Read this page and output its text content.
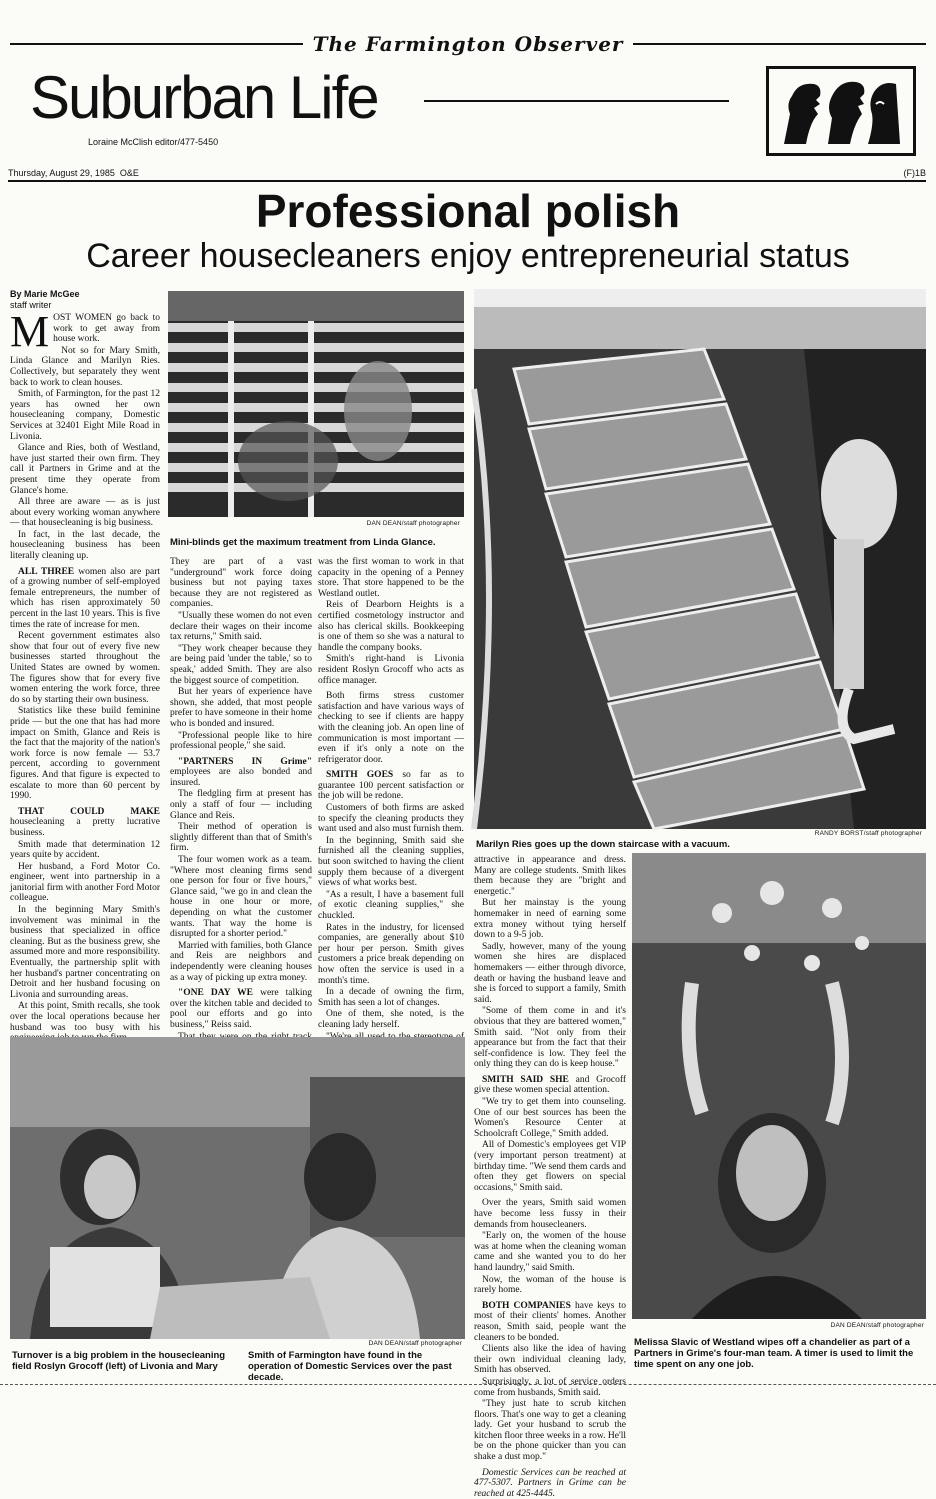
The Farmington Observer
Suburban Life
Loraine McClish editor/477-5450
Thursday, August 29, 1985 O&E	(F)1B
Professional polish
Career housecleaners enjoy entrepreneurial status
By Marie McGee
staff writer

MOST WOMEN go back to work to get away from house work.

Not so for Mary Smith, Linda Glance and Marilyn Ries. Collectively, but separately they went back to work to clean houses.

Smith, of Farmington, for the past 12 years has owned her own housecleaning company, Domestic Services at 32401 Eight Mile Road in Livonia.

Glance and Ries, both of Westland, have just started their own firm. They call it Partners in Grime and at the present time they operate from Glance's home.

All three are aware — as is just about every working woman anywhere — that housecleaning is big business.

In fact, in the last decade, the housecleaning business has been literally cleaning up.

ALL THREE women also are part of a growing number of self-employed female entrepreneurs, the number of which has risen approximately 50 percent in the last 10 years. This is five times the rate of increase for men.

Recent government estimates also show that four out of every five new businesses started throughout the United States are owned by women. The figures show that for every five women entering the work force, three do so by starting their own business.

Statistics like these build feminine pride — but the one that has had more impact on Smith, Glance and Reis is the fact that the majority of the nation's work force is now female — 53.7 percent, according to government figures. And that figure is expected to escalate to more than 60 percent by 1990.

THAT COULD MAKE housecleaning a pretty lucrative business.

Smith made that determination 12 years quite by accident.

Her husband, a Ford Motor Co. engineer, went into partnership in a janitorial firm with another Ford Motor colleague.

In the beginning Mary Smith's involvement was minimal in the business that specialized in office cleaning. But as the business grew, she assumed more and more responsibility. Eventually, the partnership split with her husband's partner concentrating on Detroit and her husband focusing on Livonia and surrounding areas.

At this point, Smith recalls, she took over the local operations because her husband was too busy with his

DAN DEAN/staff photographer
Mini-blinds get the maximum treatment from Linda Glance.

They are part of a vast "underground" work force doing business but not paying taxes because they are not registered as companies.

"Usually these women do not even declare their wages on their income tax returns," Smith said.

"They work cheaper because they are being paid 'under the table,' so to speak,' added Smith. They are also the biggest source of competition.

But her years of experience have shown, she added, that most people prefer to have someone in their home who is bonded and insured.

"Professional people like to hire professional people," she said.

"PARTNERS IN Grime" employees are also bonded and insured.

The fledgling firm at present has only a staff of four — including Glance and Reis.

Their method of operation is slightly different than that of Smith's firm.

The four women work as a team. "Where most cleaning firms send one person for four or five hours," Glance said, "we go in and clean the house in one hour or more, depending on what the customer wants. That way the home is disrupted for a shorter period."

Married with families, both Glance and Reis are neighbors and independently were cleaning houses as a way of picking up extra money.

"ONE DAY WE were talking over the kitchen table and decided to pool our efforts and go into business," Reiss said.

was the first woman to work in that capacity in the opening of a Penney store. That store happened to be the Westland outlet.

Reis of Dearborn Heights is a certified cosmetology instructor and also has clerical skills. Bookkeeping is one of them so she was a natural to handle the company books.

Smith's right-hand is Livonia resident Roslyn Grocoff who acts as office manager.

Both firms stress customer satisfaction and have various ways of checking to see if clients are happy with the cleaning job. An open line of communication is most important — even if it's only a note on the refrigerator door.

SMITH GOES so far as to guarantee 100 percent satisfaction or the job will be redone.

Customers of both firms are asked to specify the cleaning products they want used and also must furnish them.

In the beginning, Smith said she furnished all the cleaning supplies, but soon switched to having the client supply them because of a divergent views of what works best.

"As a result, I have a basement full of exotic cleaning supplies," she chuckled.

Rates in the industry, for licensed companies, are generally about $10 per hour per person. Smith gives customers a price break depending on how often the service is used in a month's time.

In a decade of owning the firm, Smith has seen a lot of changes.

One of them, she noted, is the cleaning lady herself.

RANDY BORST/staff photographer
Marilyn Ries goes up the down staircase with a vacuum.

attractive in appearance and dress. Many are college students. Smith likes them because they are "bright and energetic."

But her mainstay is the young homemaker in need of earning some extra money without tying herself down to a 9-5 job.

Sadly, however, many of the young women she hires are displaced homemakers — either through divorce, death or having the husband leave and she is forced to support a family, Smith said.

"Some of them come in and it's obvious that they are battered women," Smith said. "Not only from their appearance but from the fact that their self-confidence is low. They feel the only thing they can do is keep house."

SMITH SAID SHE and Grocoff give these women special attention.

"We try to get them into counseling. One of our best sources has been the Women's Resource Center at Schoolcraft College," Smith added.

All of Domestic's employees get VIP (very important person treatment) at birthday time. "We send them cards and often they get flowers on special occasions," Smith said.

Over the years, Smith said women have become less fussy in their demands from housecleaners.

"Early on, the women of the house was at home when the cleaning woman came and she wanted you to do her hand laundry," said Smith.

Now, the woman of the house is rarely home.

BOTH COMPANIES have keys to most of their clients' homes. Another reason, Smith said, people want the cleaners to be bonded.

Clients also like the idea of having their own individual cleaning lady, Smith has observed.

Surprisingly, a lot of service orders come from husbands, Smith said.

"They just hate to scrub kitchen floors. That's one way to get a cleaning lady. Get your husband to scrub the kitchen floor three weeks in a row. He'll be on the phone quicker than you can shake a dust mop."

Domestic Services can be reached at 477-5307. Partners in Grime can be reached at 425-4445.

DAN DEAN/staff photographer
Melissa Slavic of Westland wipes off a chandelier as part of a Partners in Grime's four-man team. A timer is used to limit the time spent on any one job.
DAN DEAN/staff photographer
Turnover is a big problem in the housecleaning field Roslyn Grocoff (left) of Livonia and Mary
Smith of Farmington have found in the operation of Domestic Services over the past decade.
